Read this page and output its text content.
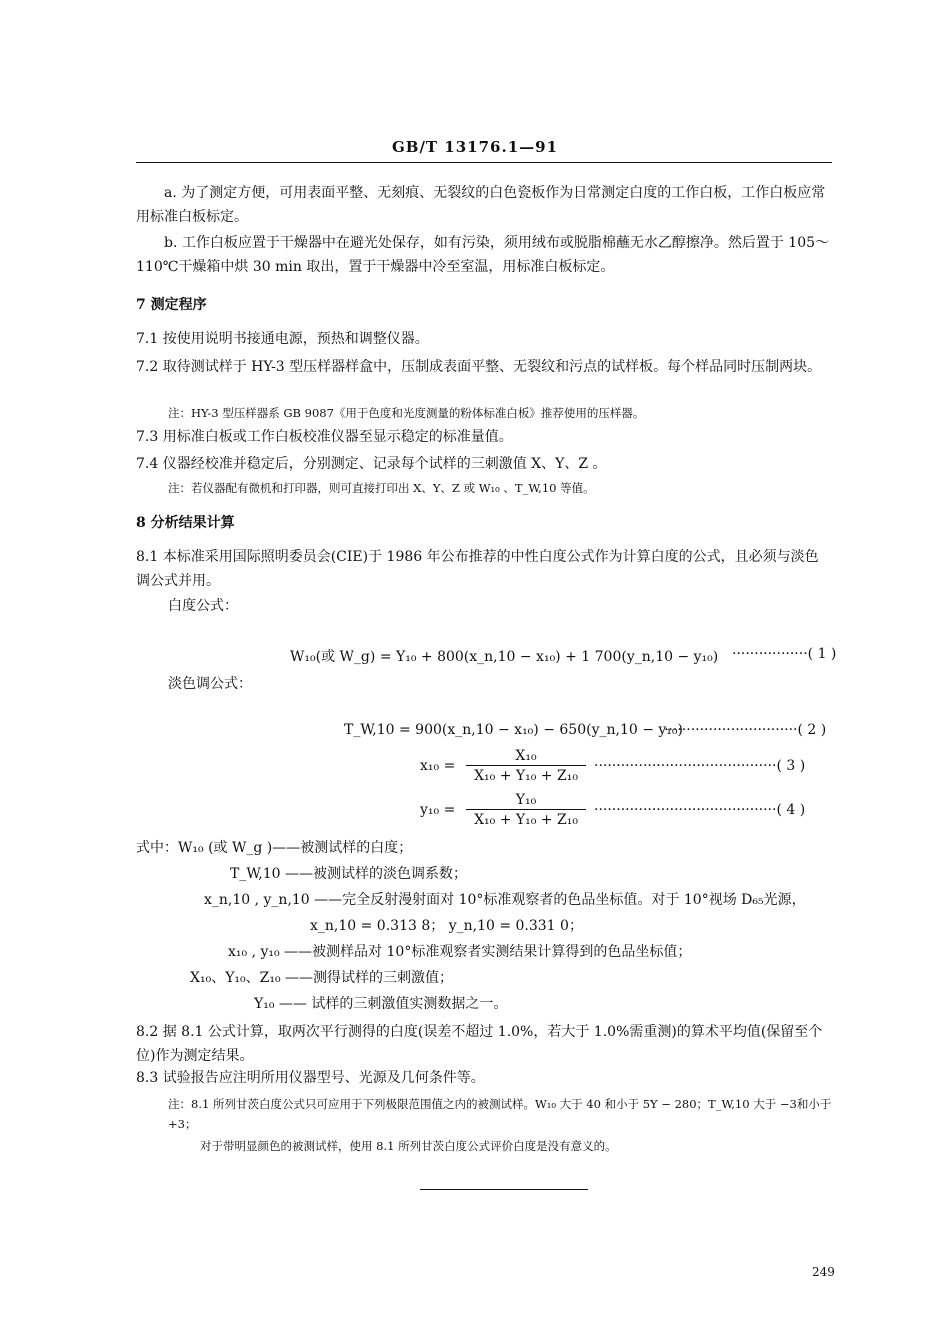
GB/T 13176.1—91
a. 为了测定方便，可用表面平整、无刻痕、无裂纹的白色瓷板作为日常测定白度的工作白板，工作白板应常用标准白板标定。
b. 工作白板应置于干燥器中在避光处保存，如有污染，须用绒布或脱脂棉蘸无水乙醇擦净。然后置于 105～110℃干燥箱中烘 30 min 取出，置于干燥器中冷至室温，用标准白板标定。
7 测定程序
7.1 按使用说明书接通电源，预热和调整仪器。
7.2 取待测试样于 HY-3 型压样器样盒中，压制成表面平整、无裂纹和污点的试样板。每个样品同时压制两块。
注：HY-3 型压样器系 GB 9087《用于色度和光度测量的粉体标准白板》推荐使用的压样器。
7.3 用标准白板或工作白板校准仪器至显示稳定的标准量值。
7.4 仪器经校准并稳定后，分别测定、记录每个试样的三刺激值 X、Y、Z 。
注：若仪器配有微机和打印器，则可直接打印出 X、Y、Z 或 W₁₀ 、T_W,10 等值。
8 分析结果计算
8.1 本标准采用国际照明委员会(CIE)于 1986 年公布推荐的中性白度公式作为计算白度的公式，且必须与淡色调公式并用。
白度公式：
W₁₀(或 W_g) = Y₁₀ + 800(x_n,10 − x₁₀) + 1 700(y_n,10 − y₁₀) ·················( 1 )
淡色调公式：
T_W,10 = 900(x_n,10 − x₁₀) − 650(y_n,10 − y₁₀)
······························( 2 )
$x_{10} = \frac{\text{X₁₀}}{\text{X₁₀ + Y₁₀ + Z₁₀}}$ ·········································( 3 )
$y_{10} = \frac{\text{Y₁₀}}{\text{X₁₀ + Y₁₀ + Z₁₀}}$ ·········································( 4 )
式中：W₁₀ (或 W_g )——被测试样的白度；
T_W,10 ——被测试样的淡色调系数；
x_n,10 , y_n,10 ——完全反射漫射面对 10°标准观察者的色品坐标值。对于 10°视场 D₆₅光源，
x_n,10 = 0.313 8； y_n,10 = 0.331 0；
x₁₀ , y₁₀ ——被测样品对 10°标准观察者实测结果计算得到的色品坐标值；
X₁₀、Y₁₀、Z₁₀ ——测得试样的三刺激值；
Y₁₀ —— 试样的三刺激值实测数据之一。
8.2 据 8.1 公式计算，取两次平行测得的白度(误差不超过 1.0%，若大于 1.0%需重测)的算术平均值(保留至个位)作为测定结果。
8.3 试验报告应注明所用仪器型号、光源及几何条件等。
注：8.1 所列甘茨白度公式只可应用于下列极限范围值之内的被测试样。W₁₀ 大于 40 和小于 5Y − 280；T_W,10 大于 −3和小于+3；
对于带明显颜色的被测试样，使用 8.1 所列甘茨白度公式评价白度是没有意义的。
249
